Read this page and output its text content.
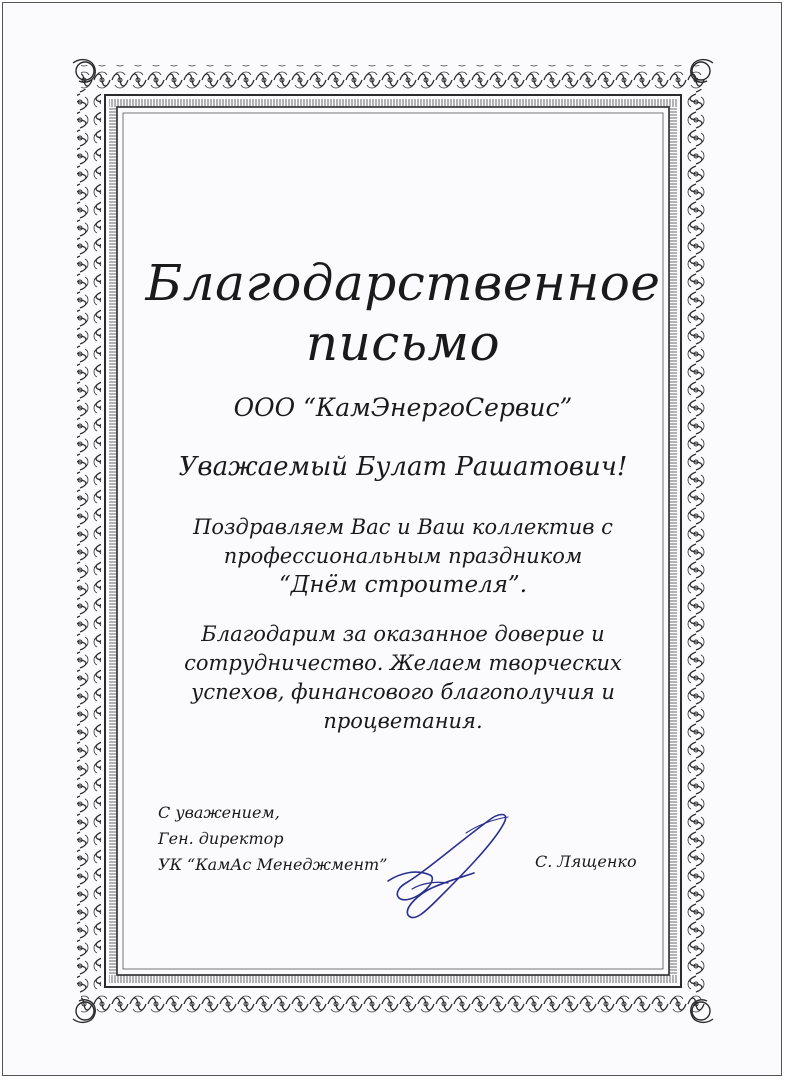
Благодарственное
письмо
ООО “КамЭнергоСервис”
Уважаемый Булат Рашатович!
Поздравляем Вас и Ваш коллектив с
профессиональным праздником
“Днём строителя”.
Благодарим за оказанное доверие и
сотрудничество. Желаем творческих
успехов, финансового благополучия и
процветания.
С уважением,
Ген. директор
УК “КамАс Менеджмент”	С. Лященко
